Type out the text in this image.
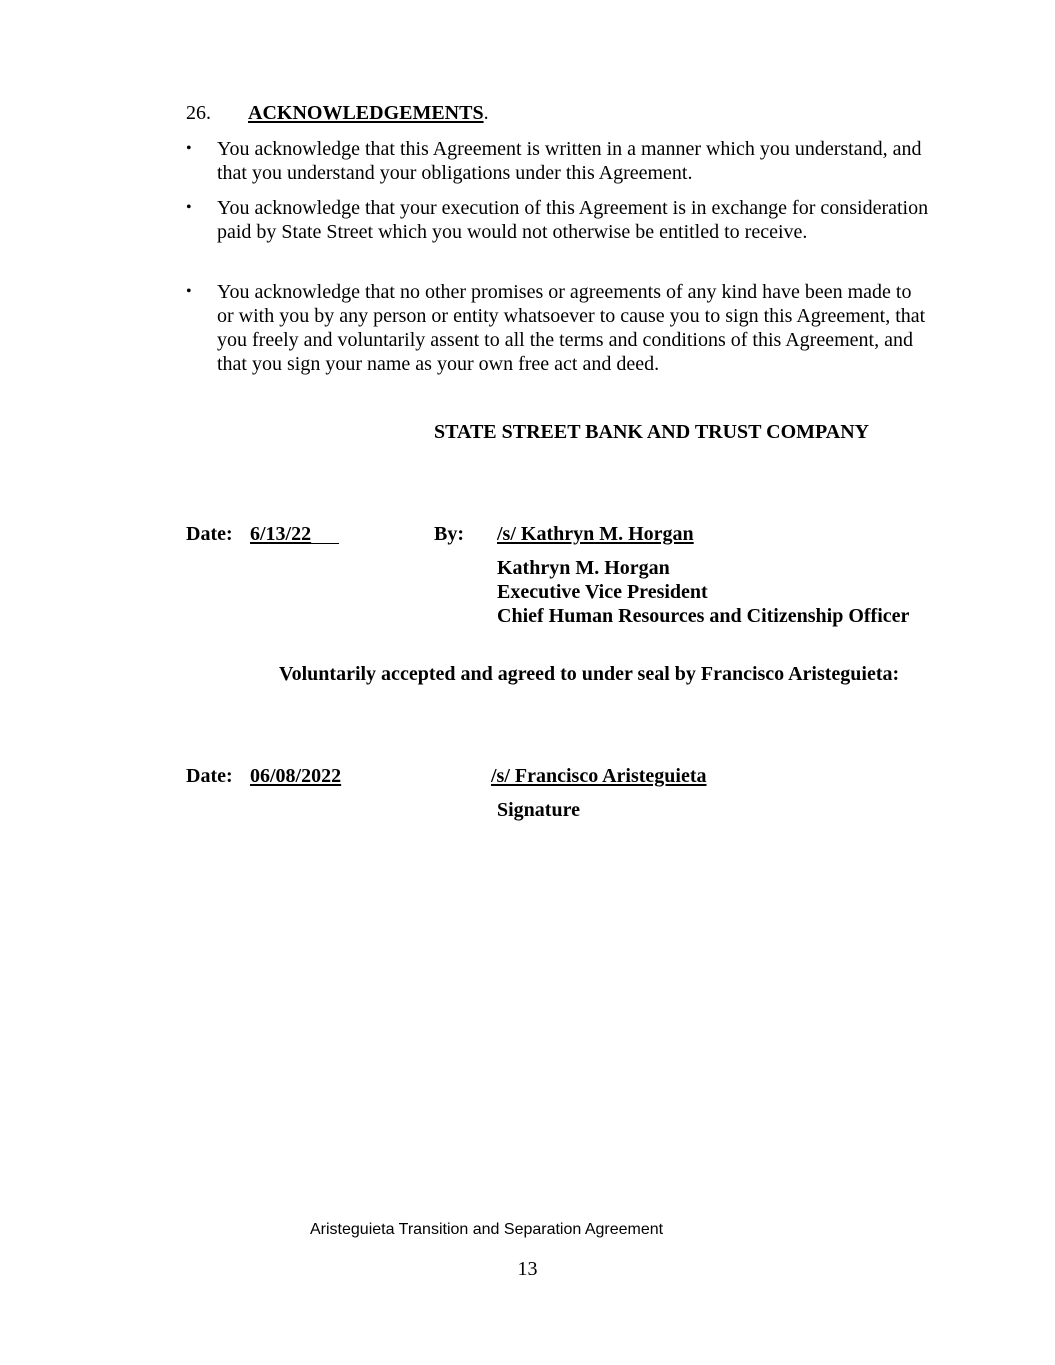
26. ACKNOWLEDGEMENTS.
• You acknowledge that this Agreement is written in a manner which you understand, and that you understand your obligations under this Agreement.
• You acknowledge that your execution of this Agreement is in exchange for consideration paid by State Street which you would not otherwise be entitled to receive.
• You acknowledge that no other promises or agreements of any kind have been made to or with you by any person or entity whatsoever to cause you to sign this Agreement, that you freely and voluntarily assent to all the terms and conditions of this Agreement, and that you sign your name as your own free act and deed.
STATE STREET BANK AND TRUST COMPANY
Date: 6/13/22	By: /s/ Kathryn M. Horgan
Kathryn M. Horgan
Executive Vice President
Chief Human Resources and Citizenship Officer
Voluntarily accepted and agreed to under seal by Francisco Aristeguieta:
Date: 06/08/2022	/s/ Francisco Aristeguieta
Signature
Aristeguieta Transition and Separation Agreement
13
